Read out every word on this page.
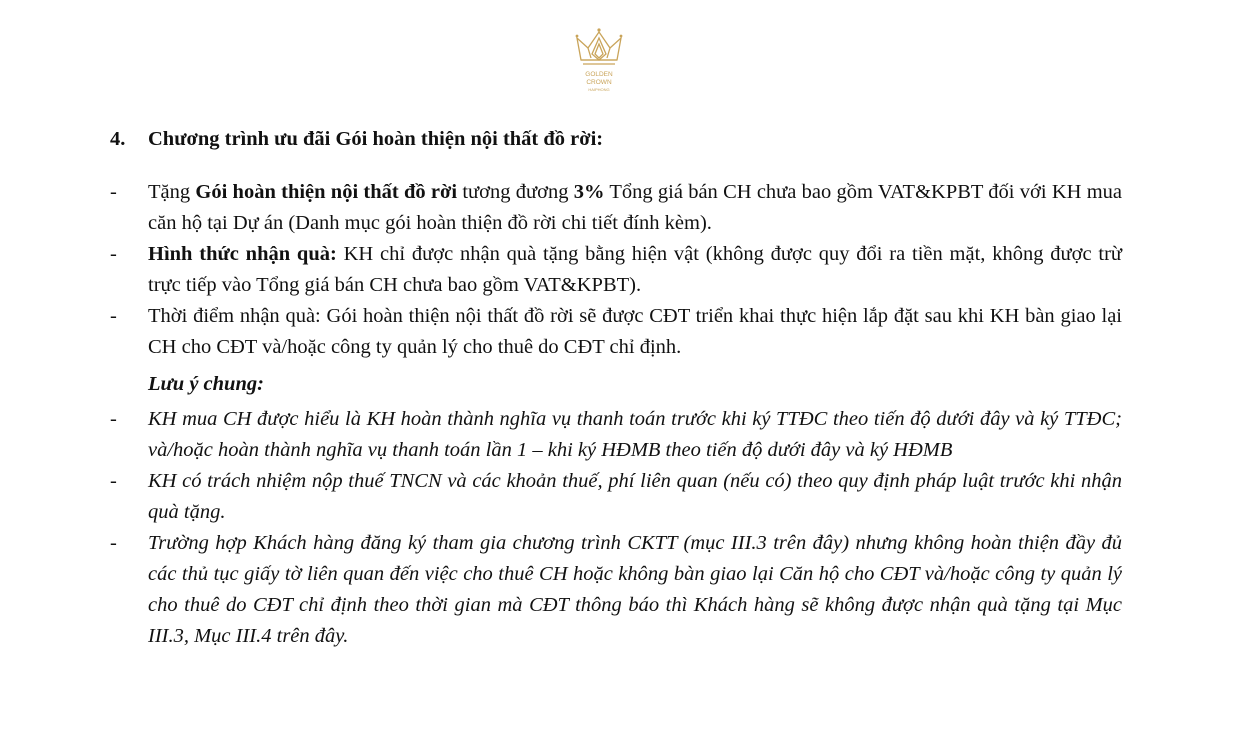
GOLDEN
CROWN
HAIPHONG
4.	Chương trình ưu đãi Gói hoàn thiện nội thất đồ rời:
-	Tặng Gói hoàn thiện nội thất đồ rời tương đương 3% Tổng giá bán CH chưa bao gồm VAT&KPBT đối với KH mua căn hộ tại Dự án (Danh mục gói hoàn thiện đồ rời chi tiết đính kèm).
-	Hình thức nhận quà: KH chỉ được nhận quà tặng bằng hiện vật (không được quy đổi ra tiền mặt, không được trừ trực tiếp vào Tổng giá bán CH chưa bao gồm VAT&KPBT).
-	Thời điểm nhận quà: Gói hoàn thiện nội thất đồ rời sẽ được CĐT triển khai thực hiện lắp đặt sau khi KH bàn giao lại CH cho CĐT và/hoặc công ty quản lý cho thuê do CĐT chỉ định.
Lưu ý chung:
-	KH mua CH được hiểu là KH hoàn thành nghĩa vụ thanh toán trước khi ký TTĐC theo tiến độ dưới đây và ký TTĐC; và/hoặc hoàn thành nghĩa vụ thanh toán lần 1 – khi ký HĐMB theo tiến độ dưới đây và ký HĐMB
-	KH có trách nhiệm nộp thuế TNCN và các khoản thuế, phí liên quan (nếu có) theo quy định pháp luật trước khi nhận quà tặng.
-	Trường hợp Khách hàng đăng ký tham gia chương trình CKTT (mục III.3 trên đây) nhưng không hoàn thiện đầy đủ các thủ tục giấy tờ liên quan đến việc cho thuê CH hoặc không bàn giao lại Căn hộ cho CĐT và/hoặc công ty quản lý cho thuê do CĐT chỉ định theo thời gian mà CĐT thông báo thì Khách hàng sẽ không được nhận quà tặng tại Mục III.3, Mục III.4 trên đây.
